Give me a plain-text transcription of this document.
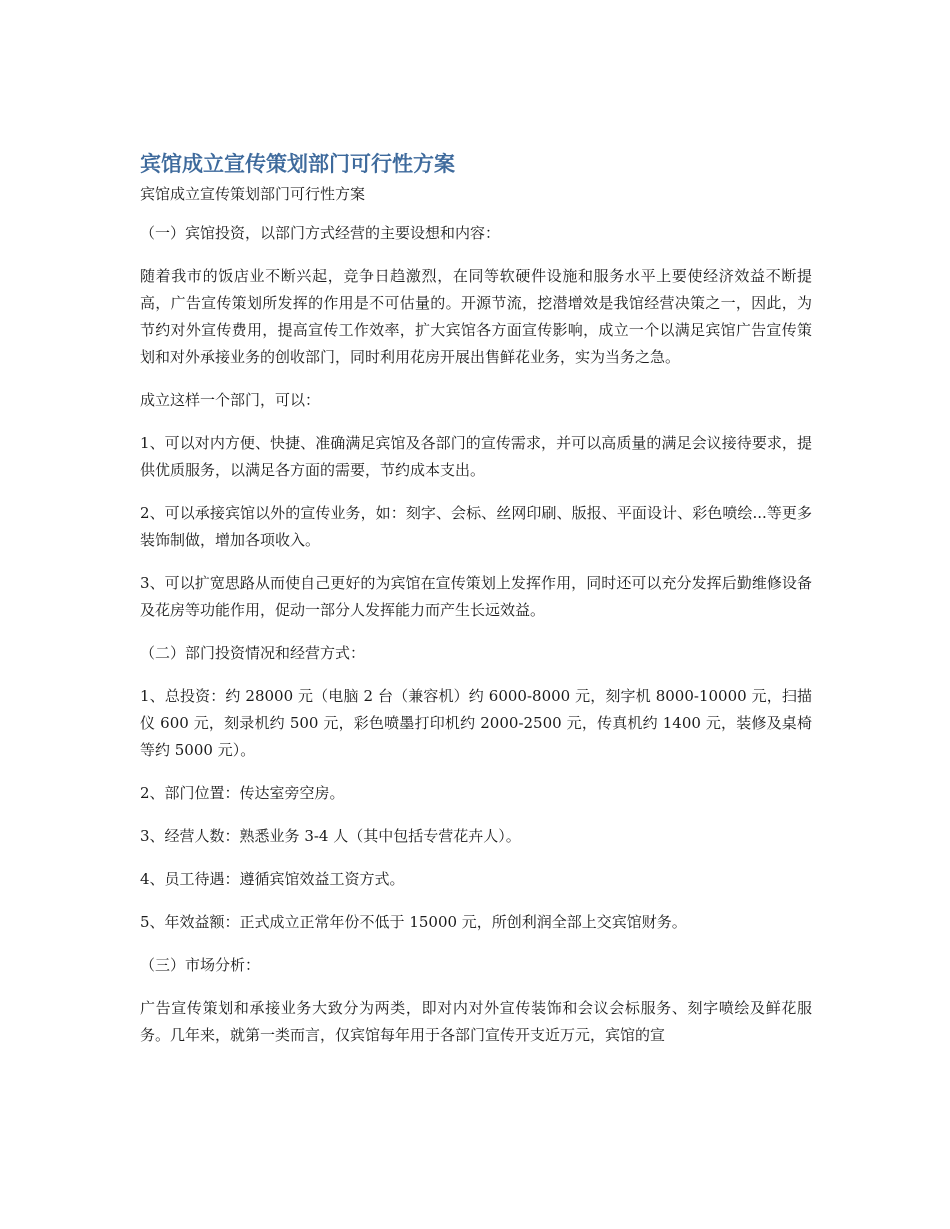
宾馆成立宣传策划部门可行性方案

宾馆成立宣传策划部门可行性方案

（一）宾馆投资，以部门方式经营的主要设想和内容：

随着我市的饭店业不断兴起，竞争日趋激烈，在同等软硬件设施和服务水平上要使经济效益不断提高，广告宣传策划所发挥的作用是不可估量的。开源节流，挖潜增效是我馆经营决策之一，因此，为节约对外宣传费用，提高宣传工作效率，扩大宾馆各方面宣传影响，成立一个以满足宾馆广告宣传策划和对外承接业务的创收部门，同时利用花房开展出售鲜花业务，实为当务之急。

成立这样一个部门，可以：

1、可以对内方便、快捷、准确满足宾馆及各部门的宣传需求，并可以高质量的满足会议接待要求，提供优质服务，以满足各方面的需要，节约成本支出。

2、可以承接宾馆以外的宣传业务，如：刻字、会标、丝网印刷、版报、平面设计、彩色喷绘...等更多装饰制做，增加各项收入。

3、可以扩宽思路从而使自己更好的为宾馆在宣传策划上发挥作用，同时还可以充分发挥后勤维修设备及花房等功能作用，促动一部分人发挥能力而产生长远效益。

（二）部门投资情况和经营方式：

1、总投资：约 28000 元（电脑 2 台（兼容机）约 6000-8000 元，刻字机 8000-10000 元，扫描仪 600 元，刻录机约 500 元，彩色喷墨打印机约 2000-2500 元，传真机约 1400 元，装修及桌椅等约 5000 元）。

2、部门位置：传达室旁空房。

3、经营人数：熟悉业务 3-4 人（其中包括专营花卉人）。

4、员工待遇：遵循宾馆效益工资方式。

5、年效益额：正式成立正常年份不低于 15000 元，所创利润全部上交宾馆财务。

（三）市场分析：

广告宣传策划和承接业务大致分为两类，即对内对外宣传装饰和会议会标服务、刻字喷绘及鲜花服务。几年来，就第一类而言，仅宾馆每年用于各部门宣传开支近万元，宾馆的宣
